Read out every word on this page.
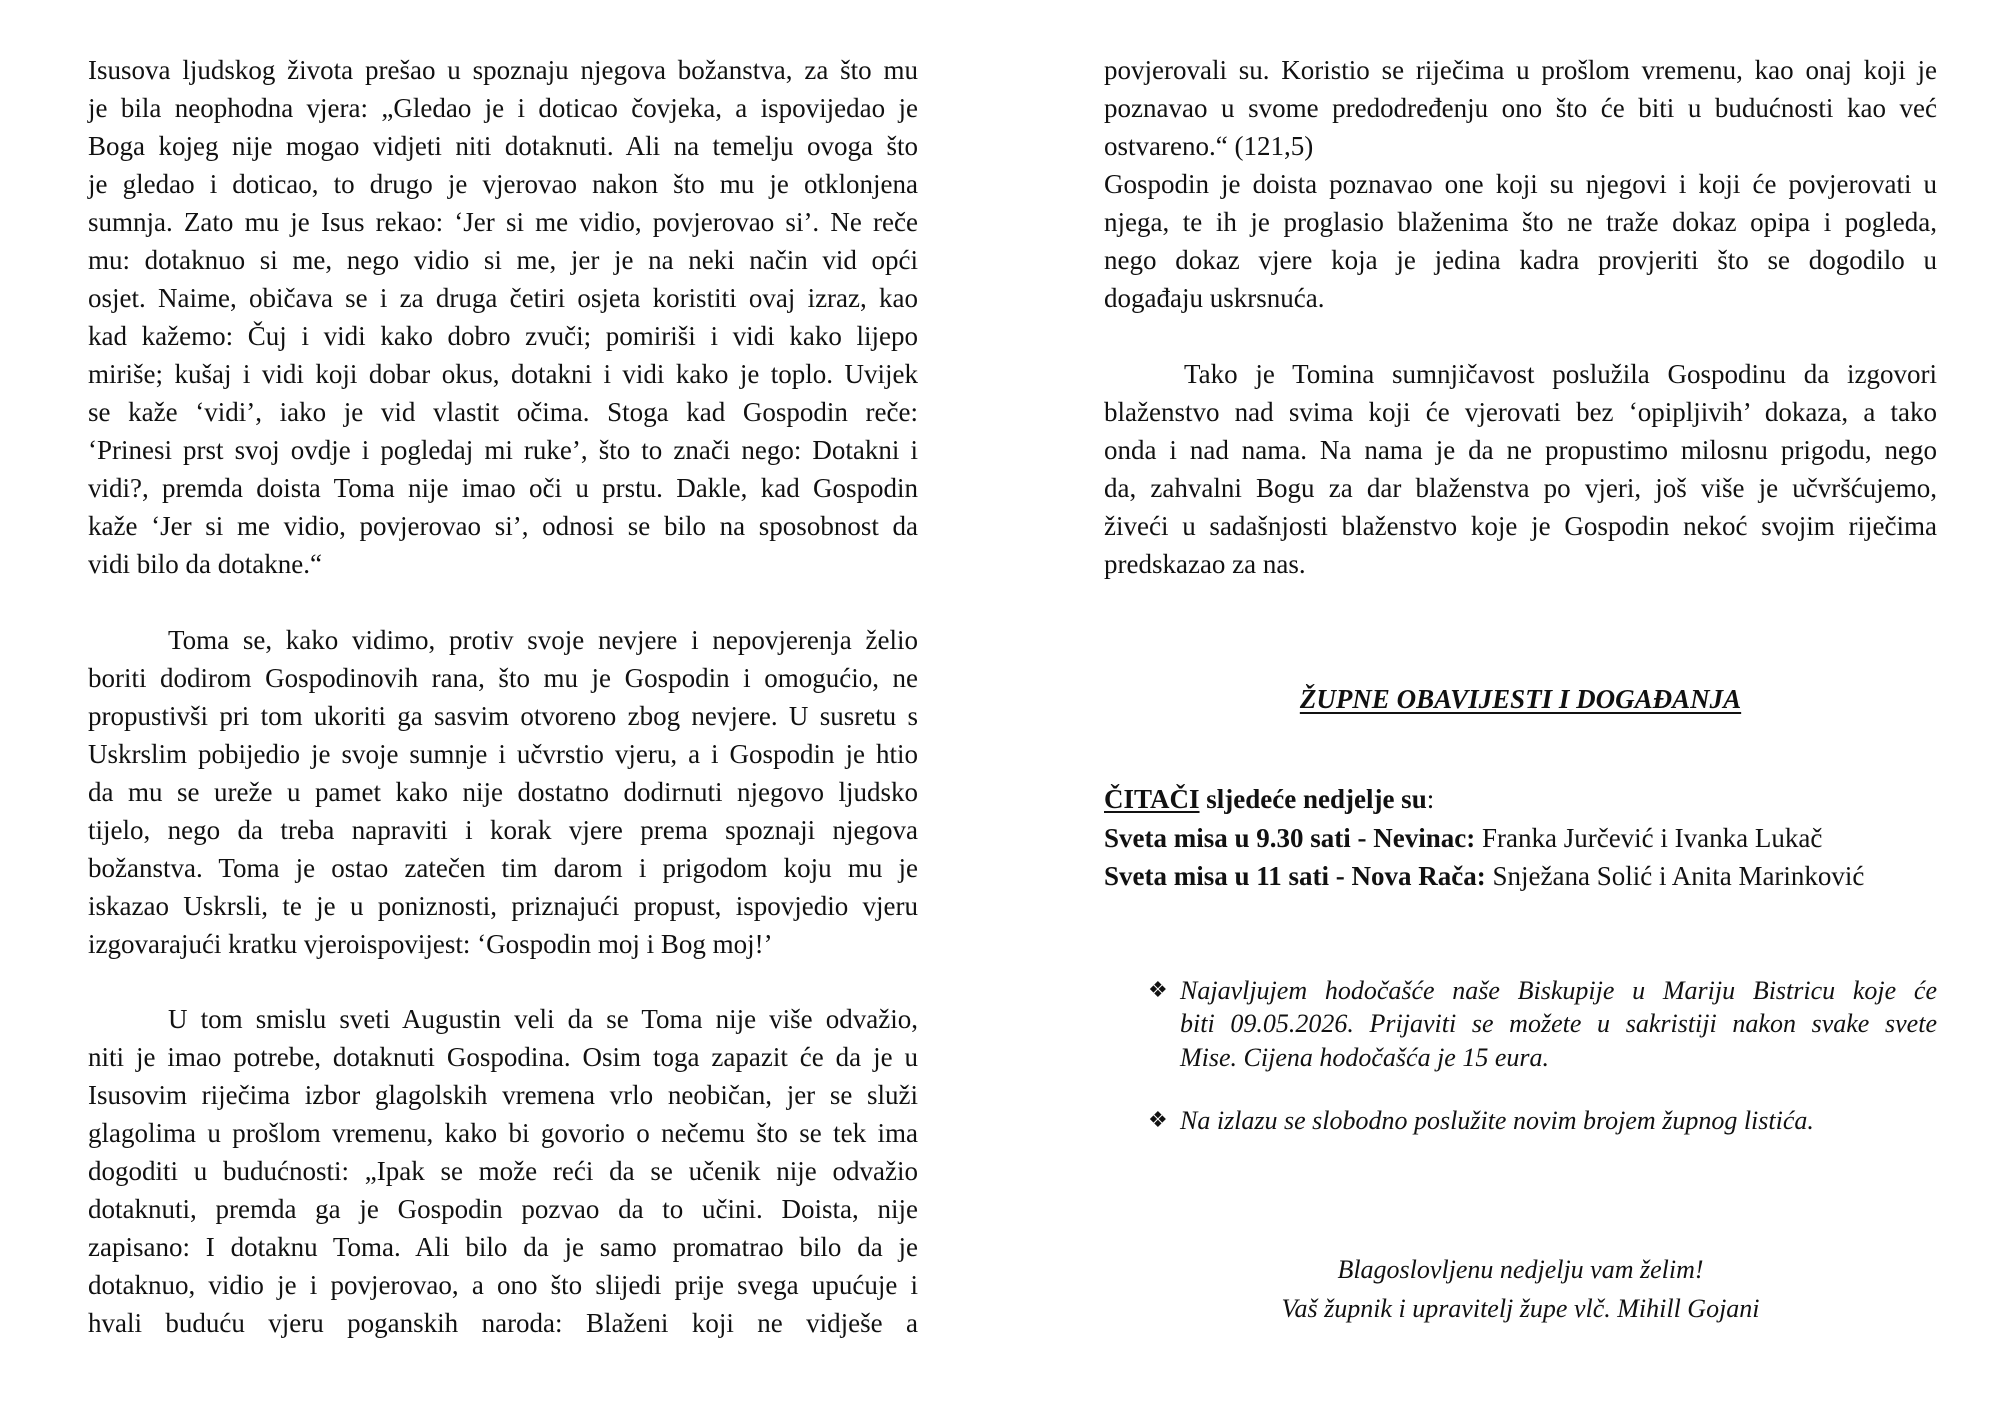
Isusova ljudskog života prešao u spoznaju njegova božanstva, za što mu
je bila neophodna vjera: „Gledao je i doticao čovjeka, a ispovijedao je
Boga kojeg nije mogao vidjeti niti dotaknuti. Ali na temelju ovoga što
je gledao i doticao, to drugo je vjerovao nakon što mu je otklonjena
sumnja. Zato mu je Isus rekao: ‘Jer si me vidio, povjerovao si’. Ne reče
mu: dotaknuo si me, nego vidio si me, jer je na neki način vid opći
osjet. Naime, običava se i za druga četiri osjeta koristiti ovaj izraz, kao
kad kažemo: Čuj i vidi kako dobro zvuči; pomiriši i vidi kako lijepo
miriše; kušaj i vidi koji dobar okus, dotakni i vidi kako je toplo. Uvijek
se kaže ‘vidi’, iako je vid vlastit očima. Stoga kad Gospodin reče:
‘Prinesi prst svoj ovdje i pogledaj mi ruke’, što to znači nego: Dotakni i
vidi?, premda doista Toma nije imao oči u prstu. Dakle, kad Gospodin
kaže ‘Jer si me vidio, povjerovao si’, odnosi se bilo na sposobnost da
vidi bilo da dotakne.“
Toma se, kako vidimo, protiv svoje nevjere i nepovjerenja želio
boriti dodirom Gospodinovih rana, što mu je Gospodin i omogućio, ne
propustivši pri tom ukoriti ga sasvim otvoreno zbog nevjere. U susretu s
Uskrslim pobijedio je svoje sumnje i učvrstio vjeru, a i Gospodin je htio
da mu se ureže u pamet kako nije dostatno dodirnuti njegovo ljudsko
tijelo, nego da treba napraviti i korak vjere prema spoznaji njegova
božanstva. Toma je ostao zatečen tim darom i prigodom koju mu je
iskazao Uskrsli, te je u poniznosti, priznajući propust, ispovjedio vjeru
izgovarajući kratku vjeroispovijest: ‘Gospodin moj i Bog moj!’
U tom smislu sveti Augustin veli da se Toma nije više odvažio,
niti je imao potrebe, dotaknuti Gospodina. Osim toga zapazit će da je u
Isusovim riječima izbor glagolskih vremena vrlo neobičan, jer se služi
glagolima u prošlom vremenu, kako bi govorio o nečemu što se tek ima
dogoditi u budućnosti: „Ipak se može reći da se učenik nije odvažio
dotaknuti, premda ga je Gospodin pozvao da to učini. Doista, nije
zapisano: I dotaknu Toma. Ali bilo da je samo promatrao bilo da je
dotaknuo, vidio je i povjerovao, a ono što slijedi prije svega upućuje i
hvali buduću vjeru poganskih naroda: Blaženi koji ne vidješe a
povjerovali su. Koristio se riječima u prošlom vremenu, kao onaj koji je
poznavao u svome predodređenju ono što će biti u budućnosti kao već
ostvareno.“ (121,5)
Gospodin je doista poznavao one koji su njegovi i koji će povjerovati u
njega, te ih je proglasio blaženima što ne traže dokaz opipa i pogleda,
nego dokaz vjere koja je jedina kadra provjeriti što se dogodilo u
događaju uskrsnuća.
Tako je Tomina sumnjičavost poslužila Gospodinu da izgovori
blaženstvo nad svima koji će vjerovati bez ‘opipljivih’ dokaza, a tako
onda i nad nama. Na nama je da ne propustimo milosnu prigodu, nego
da, zahvalni Bogu za dar blaženstva po vjeri, još više je učvršćujemo,
živeći u sadašnjosti blaženstvo koje je Gospodin nekoć svojim riječima
predskazao za nas.
ŽUPNE OBAVIJESTI I DOGAĐANJA
ČITAČI sljedeće nedjelje su:
Sveta misa u 9.30 sati - Nevinac: Franka Jurčević i Ivanka Lukač
Sveta misa u 11 sati - Nova Rača: Snježana Solić i Anita Marinković
❖ Najavljujem hodočašće naše Biskupije u Mariju Bistricu koje će
biti 09.05.2026. Prijaviti se možete u sakristiji nakon svake svete
Mise. Cijena hodočašća je 15 eura.
❖ Na izlazu se slobodno poslužite novim brojem župnog listića.
Blagoslovljenu nedjelju vam želim!
Vaš župnik i upravitelj župe vlč. Mihill Gojani
